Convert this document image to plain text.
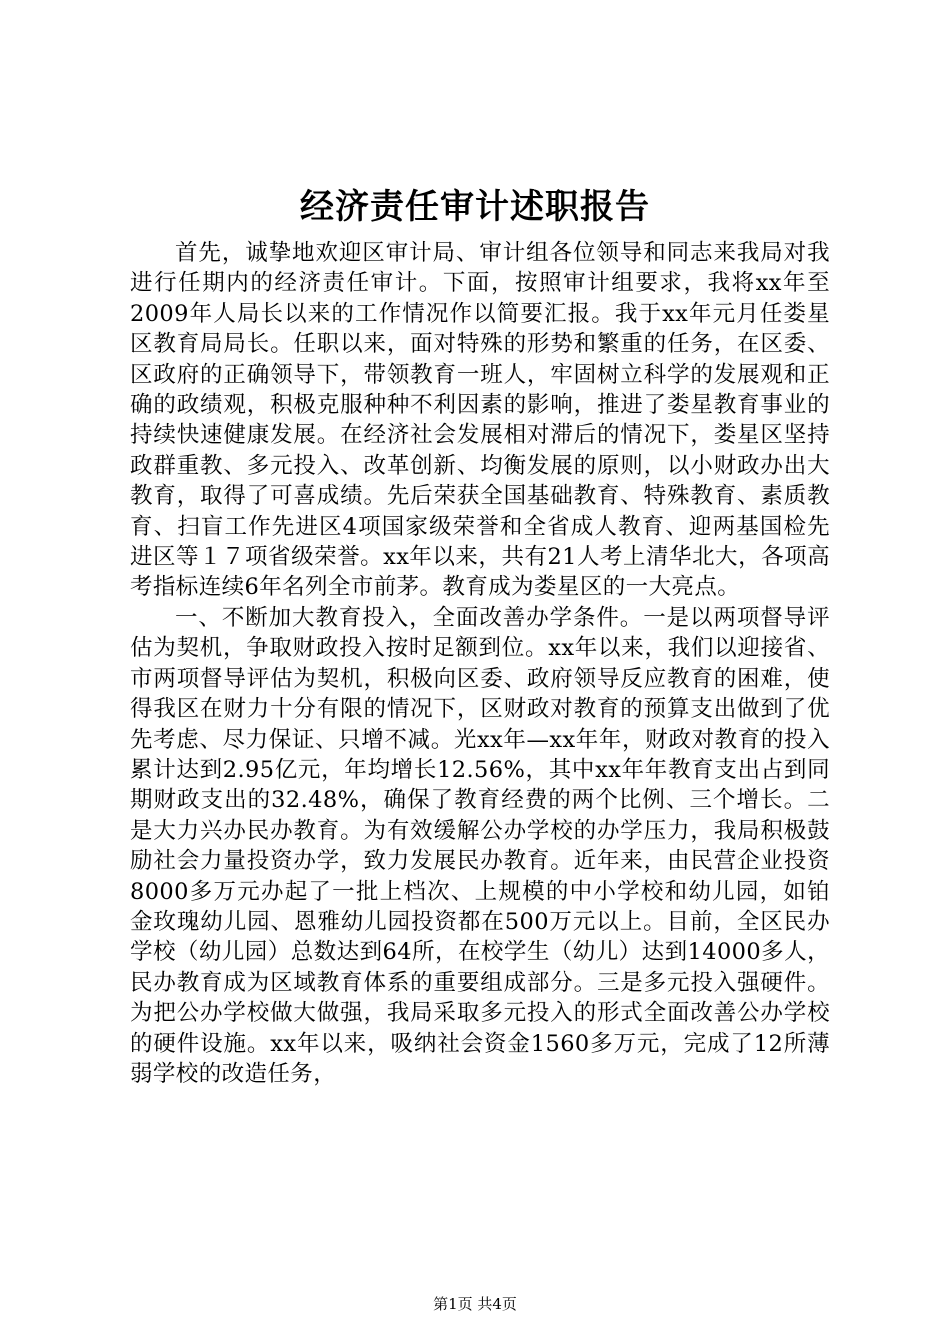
经济责任审计述职报告

首先，诚挚地欢迎区审计局、审计组各位领导和同志来我局对我进行任期内的经济责任审计。下面，按照审计组要求，我将xx年至2009年人局长以来的工作情况作以简要汇报。我于xx年元月任娄星区教育局局长。任职以来，面对特殊的形势和繁重的任务，在区委、区政府的正确领导下，带领教育一班人，牢固树立科学的发展观和正确的政绩观，积极克服种种不利因素的影响，推进了娄星教育事业的持续快速健康发展。在经济社会发展相对滞后的情况下，娄星区坚持政群重教、多元投入、改革创新、均衡发展的原则，以小财政办出大教育，取得了可喜成绩。先后荣获全国基础教育、特殊教育、素质教育、扫盲工作先进区4项国家级荣誉和全省成人教育、迎两基国检先进区等１７项省级荣誉。xx年以来，共有21人考上清华北大，各项高考指标连续6年名列全市前茅。教育成为娄星区的一大亮点。

一、不断加大教育投入，全面改善办学条件。一是以两项督导评估为契机，争取财政投入按时足额到位。xx年以来，我们以迎接省、市两项督导评估为契机，积极向区委、政府领导反应教育的困难，使得我区在财力十分有限的情况下，区财政对教育的预算支出做到了优先考虑、尽力保证、只增不减。光xx年—xx年年，财政对教育的投入累计达到2.95亿元，年均增长12.56%，其中xx年年教育支出占到同期财政支出的32.48%，确保了教育经费的两个比例、三个增长。二是大力兴办民办教育。为有效缓解公办学校的办学压力，我局积极鼓励社会力量投资办学，致力发展民办教育。近年来，由民营企业投资8000多万元办起了一批上档次、上规模的中小学校和幼儿园，如铂金玫瑰幼儿园、恩雅幼儿园投资都在500万元以上。目前，全区民办学校（幼儿园）总数达到64所，在校学生（幼儿）达到14000多人，民办教育成为区域教育体系的重要组成部分。三是多元投入强硬件。为把公办学校做大做强，我局采取多元投入的形式全面改善公办学校的硬件设施。xx年以来，吸纳社会资金1560多万元，完成了12所薄弱学校的改造任务，

第1页 共4页
